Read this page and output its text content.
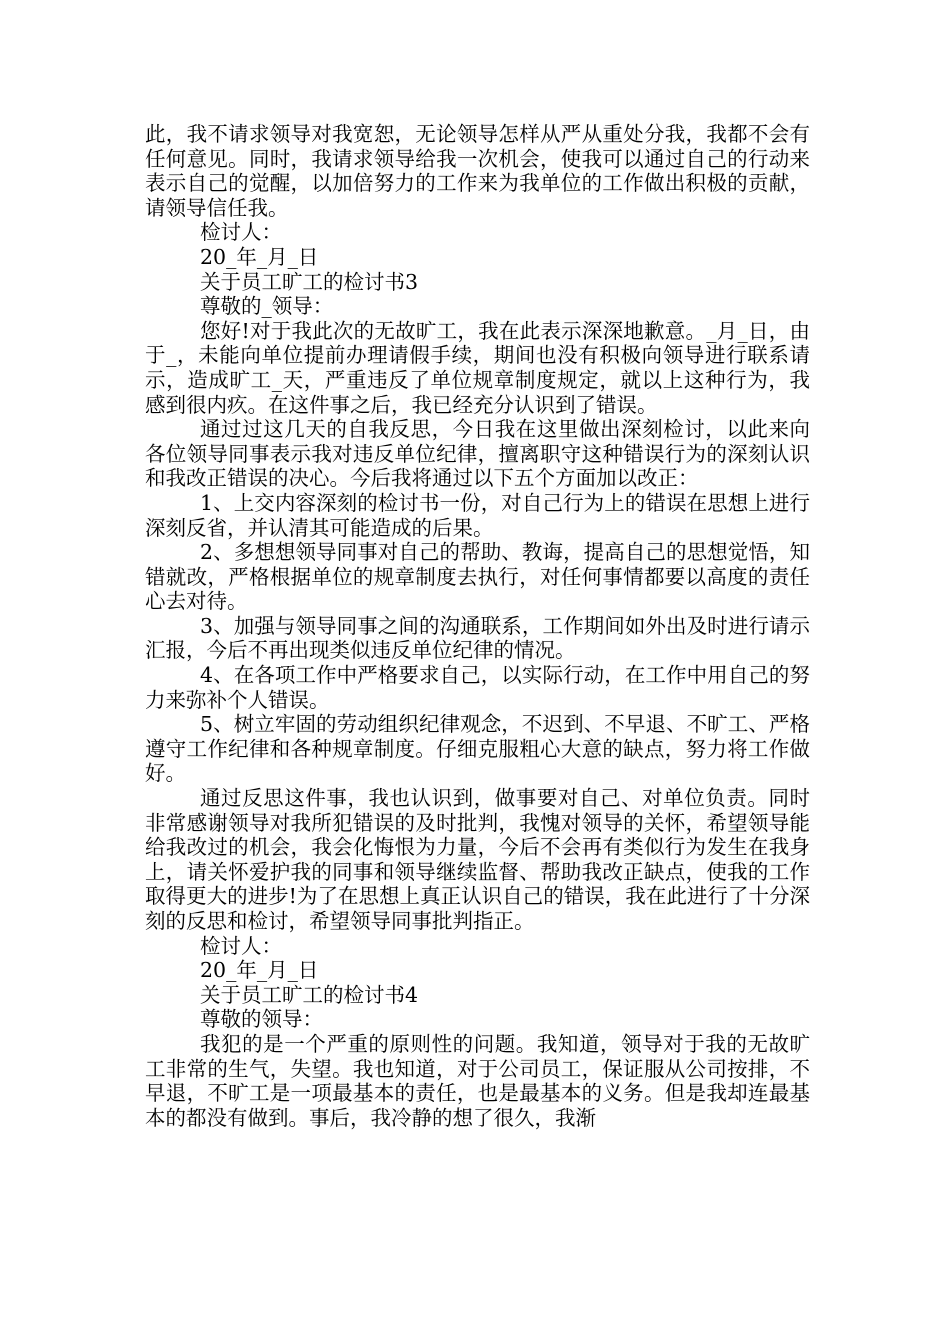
此，我不请求领导对我宽恕，无论领导怎样从严从重处分我，我都不会有任何意见。同时，我请求领导给我一次机会，使我可以通过自己的行动来表示自己的觉醒，以加倍努力的工作来为我单位的工作做出积极的贡献，请领导信任我。

检讨人：

20_年_月_日

关于员工旷工的检讨书3

尊敬的_领导：

您好!对于我此次的无故旷工，我在此表示深深地歉意。_月_日，由于_，未能向单位提前办理请假手续，期间也没有积极向领导进行联系请示，造成旷工_天，严重违反了单位规章制度规定，就以上这种行为，我感到很内疚。在这件事之后，我已经充分认识到了错误。

通过过这几天的自我反思，今日我在这里做出深刻检讨，以此来向各位领导同事表示我对违反单位纪律，擅离职守这种错误行为的深刻认识和我改正错误的决心。今后我将通过以下五个方面加以改正：

1、上交内容深刻的检讨书一份，对自己行为上的错误在思想上进行深刻反省，并认清其可能造成的后果。

2、多想想领导同事对自己的帮助、教诲，提高自己的思想觉悟，知错就改，严格根据单位的规章制度去执行，对任何事情都要以高度的责任心去对待。

3、加强与领导同事之间的沟通联系，工作期间如外出及时进行请示汇报，今后不再出现类似违反单位纪律的情况。

4、在各项工作中严格要求自己，以实际行动，在工作中用自己的努力来弥补个人错误。

5、树立牢固的劳动组织纪律观念，不迟到、不早退、不旷工、严格遵守工作纪律和各种规章制度。仔细克服粗心大意的缺点，努力将工作做好。

通过反思这件事，我也认识到，做事要对自己、对单位负责。同时非常感谢领导对我所犯错误的及时批判，我愧对领导的关怀，希望领导能给我改过的机会，我会化悔恨为力量，今后不会再有类似行为发生在我身上，请关怀爱护我的同事和领导继续监督、帮助我改正缺点，使我的工作取得更大的进步!为了在思想上真正认识自己的错误，我在此进行了十分深刻的反思和检讨，希望领导同事批判指正。

检讨人：

20_年_月_日

关于员工旷工的检讨书4

尊敬的领导：

我犯的是一个严重的原则性的问题。我知道，领导对于我的无故旷工非常的生气，失望。我也知道，对于公司员工，保证服从公司按排，不早退，不旷工是一项最基本的责任，也是最基本的义务。但是我却连最基本的都没有做到。事后，我冷静的想了很久，我渐
